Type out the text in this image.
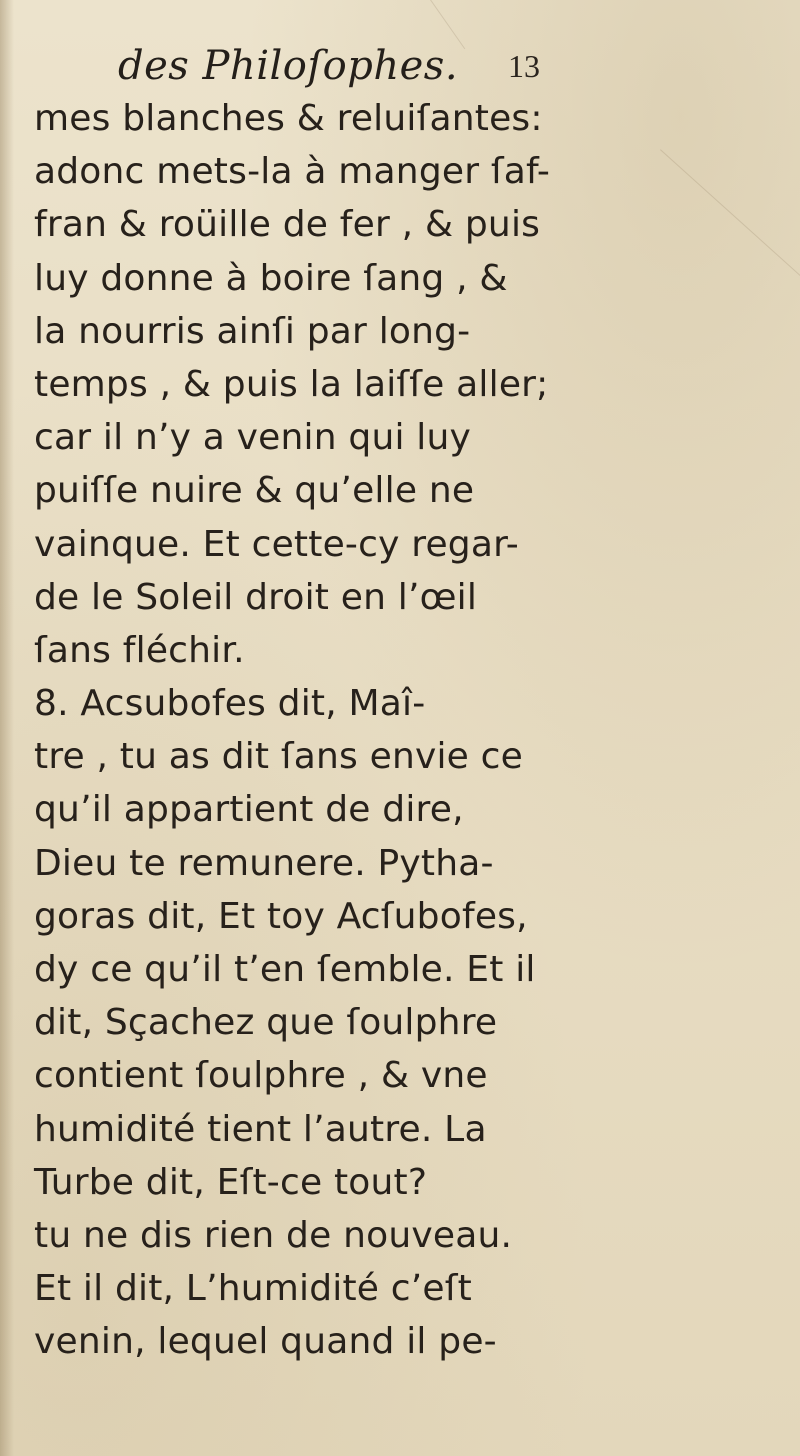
des Philoſophes. 13
mes blanches & reluiſantes:
adonc mets-la à manger ſaf-
fran & roüille de fer , & puis
luy donne à boire ſang , &
la nourris ainſi par long-
temps , & puis la laiſſe aller;
car il n’y a venin qui luy
puiſſe nuire & qu’elle ne
vainque. Et cette-cy regar-
de le Soleil droit en l’œil
ſans fléchir.
8. Acsubofes dit, Maî-
tre , tu as dit ſans envie ce
qu’il appartient de dire,
Dieu te remunere. Pytha-
goras dit, Et toy Acſubofes,
dy ce qu’il t’en ſemble. Et il
dit, Sçachez que ſoulphre
contient ſoulphre , & vne
humidité tient l’autre. La
Turbe dit, Eſt-ce tout?
tu ne dis rien de nouveau.
Et il dit, L’humidité c’eſt
venin, lequel quand il pe-
